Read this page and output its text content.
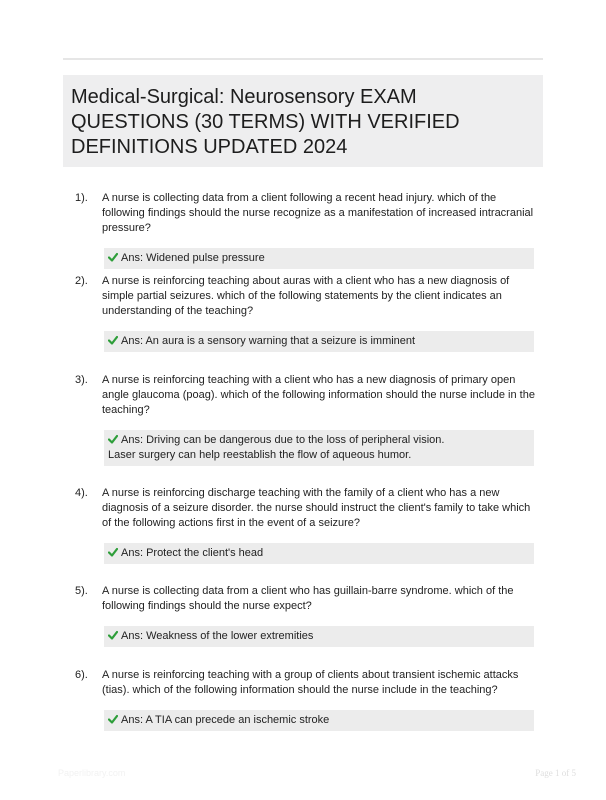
Medical-Surgical: Neurosensory EXAM QUESTIONS (30 TERMS) WITH VERIFIED DEFINITIONS UPDATED 2024
1). A nurse is collecting data from a client following a recent head injury. which of the following findings should the nurse recognize as a manifestation of increased intracranial pressure?
Ans: Widened pulse pressure
2). A nurse is reinforcing teaching about auras with a client who has a new diagnosis of simple partial seizures. which of the following statements by the client indicates an understanding of the teaching?
Ans: An aura is a sensory warning that a seizure is imminent
3). A nurse is reinforcing teaching with a client who has a new diagnosis of primary open angle glaucoma (poag). which of the following information should the nurse include in the teaching?
Ans: Driving can be dangerous due to the loss of peripheral vision.
Laser surgery can help reestablish the flow of aqueous humor.
4). A nurse is reinforcing discharge teaching with the family of a client who has a new diagnosis of a seizure disorder. the nurse should instruct the client's family to take which of the following actions first in the event of a seizure?
Ans: Protect the client's head
5). A nurse is collecting data from a client who has guillain-barre syndrome. which of the following findings should the nurse expect?
Ans: Weakness of the lower extremities
6). A nurse is reinforcing teaching with a group of clients about transient ischemic attacks (tias). which of the following information should the nurse include in the teaching?
Ans: A TIA can precede an ischemic stroke
Paperlibrary.com	Page 1 of 5
